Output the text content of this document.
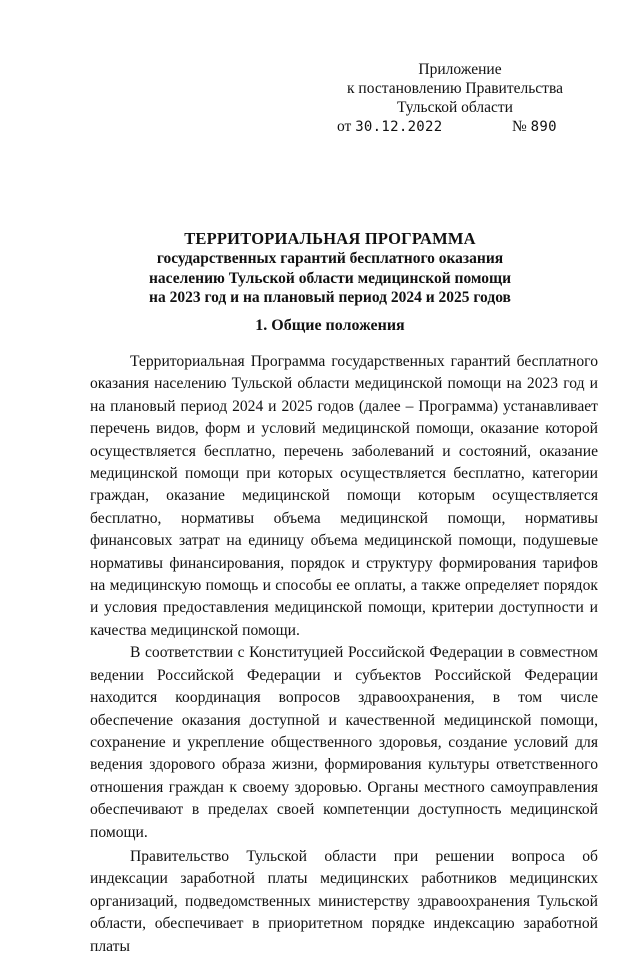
Приложение
к постановлению Правительства
Тульской области
от 30.12.2022	№ 890
ТЕРРИТОРИАЛЬНАЯ ПРОГРАММА
государственных гарантий бесплатного оказания
населению Тульской области медицинской помощи
на 2023 год и на плановый период 2024 и 2025 годов
1. Общие положения

Территориальная Программа государственных гарантий бесплатного оказания населению Тульской области медицинской помощи на 2023 год и на плановый период 2024 и 2025 годов (далее – Программа) устанавливает перечень видов, форм и условий медицинской помощи, оказание которой осуществляется бесплатно, перечень заболеваний и состояний, оказание медицинской помощи при которых осуществляется бесплатно, категории граждан, оказание медицинской помощи которым осуществляется бесплатно, нормативы объема медицинской помощи, нормативы финансовых затрат на единицу объема медицинской помощи, подушевые нормативы финансирования, порядок и структуру формирования тарифов на медицинскую помощь и способы ее оплаты, а также определяет порядок и условия предоставления медицинской помощи, критерии доступности и качества медицинской помощи.

В соответствии с Конституцией Российской Федерации в совместном ведении Российской Федерации и субъектов Российской Федерации находится координация вопросов здравоохранения, в том числе обеспечение оказания доступной и качественной медицинской помощи, сохранение и укрепление общественного здоровья, создание условий для ведения здорового образа жизни, формирования культуры ответственного отношения граждан к своему здоровью. Органы местного самоуправления обеспечивают в пределах своей компетенции доступность медицинской помощи.

Правительство Тульской области при решении вопроса об индексации заработной платы медицинских работников медицинских организаций, подведомственных министерству здравоохранения Тульской области, обеспечивает в приоритетном порядке индексацию заработной платы
